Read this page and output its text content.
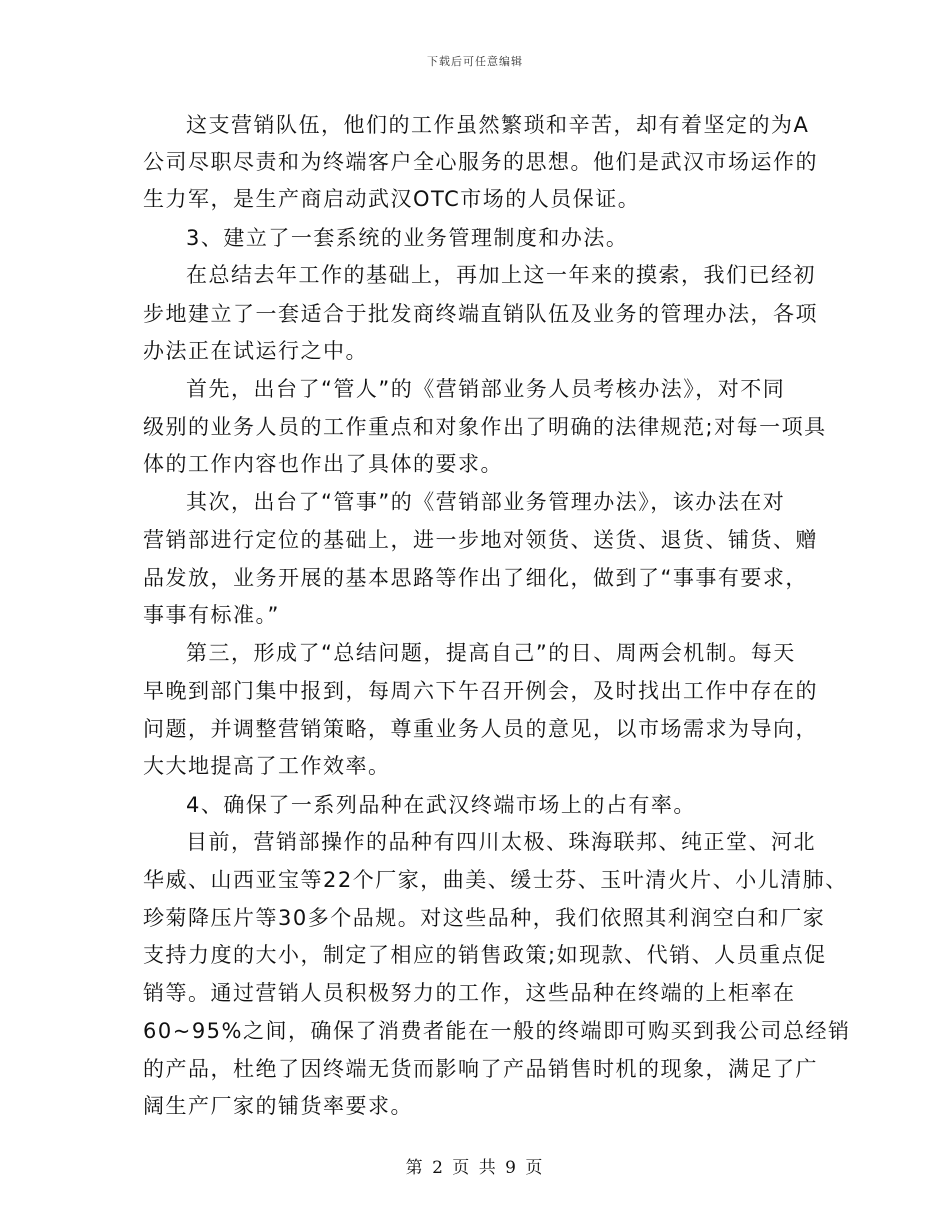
下载后可任意编辑
这支营销队伍，他们的工作虽然繁琐和辛苦，却有着坚定的为A
公司尽职尽责和为终端客户全心服务的思想。他们是武汉市场运作的
生力军，是生产商启动武汉OTC市场的人员保证。
3、建立了一套系统的业务管理制度和办法。
在总结去年工作的基础上，再加上这一年来的摸索，我们已经初
步地建立了一套适合于批发商终端直销队伍及业务的管理办法，各项
办法正在试运行之中。
首先，出台了“管人”的《营销部业务人员考核办法》，对不同
级别的业务人员的工作重点和对象作出了明确的法律规范;对每一项具
体的工作内容也作出了具体的要求。
其次，出台了“管事”的《营销部业务管理办法》，该办法在对
营销部进行定位的基础上，进一步地对领货、送货、退货、铺货、赠
品发放，业务开展的基本思路等作出了细化，做到了“事事有要求，
事事有标准。”
第三，形成了“总结问题，提高自己”的日、周两会机制。每天
早晚到部门集中报到，每周六下午召开例会，及时找出工作中存在的
问题，并调整营销策略，尊重业务人员的意见，以市场需求为导向，
大大地提高了工作效率。
4、确保了一系列品种在武汉终端市场上的占有率。
目前，营销部操作的品种有四川太极、珠海联邦、纯正堂、河北
华威、山西亚宝等22个厂家，曲美、缓士芬、玉叶清火片、小儿清肺、
珍菊降压片等30多个品规。对这些品种，我们依照其利润空白和厂家
支持力度的大小，制定了相应的销售政策;如现款、代销、人员重点促
销等。通过营销人员积极努力的工作，这些品种在终端的上柜率在
60~95%之间，确保了消费者能在一般的终端即可购买到我公司总经销
的产品，杜绝了因终端无货而影响了产品销售时机的现象，满足了广
阔生产厂家的铺货率要求。
第 2 页 共 9 页
